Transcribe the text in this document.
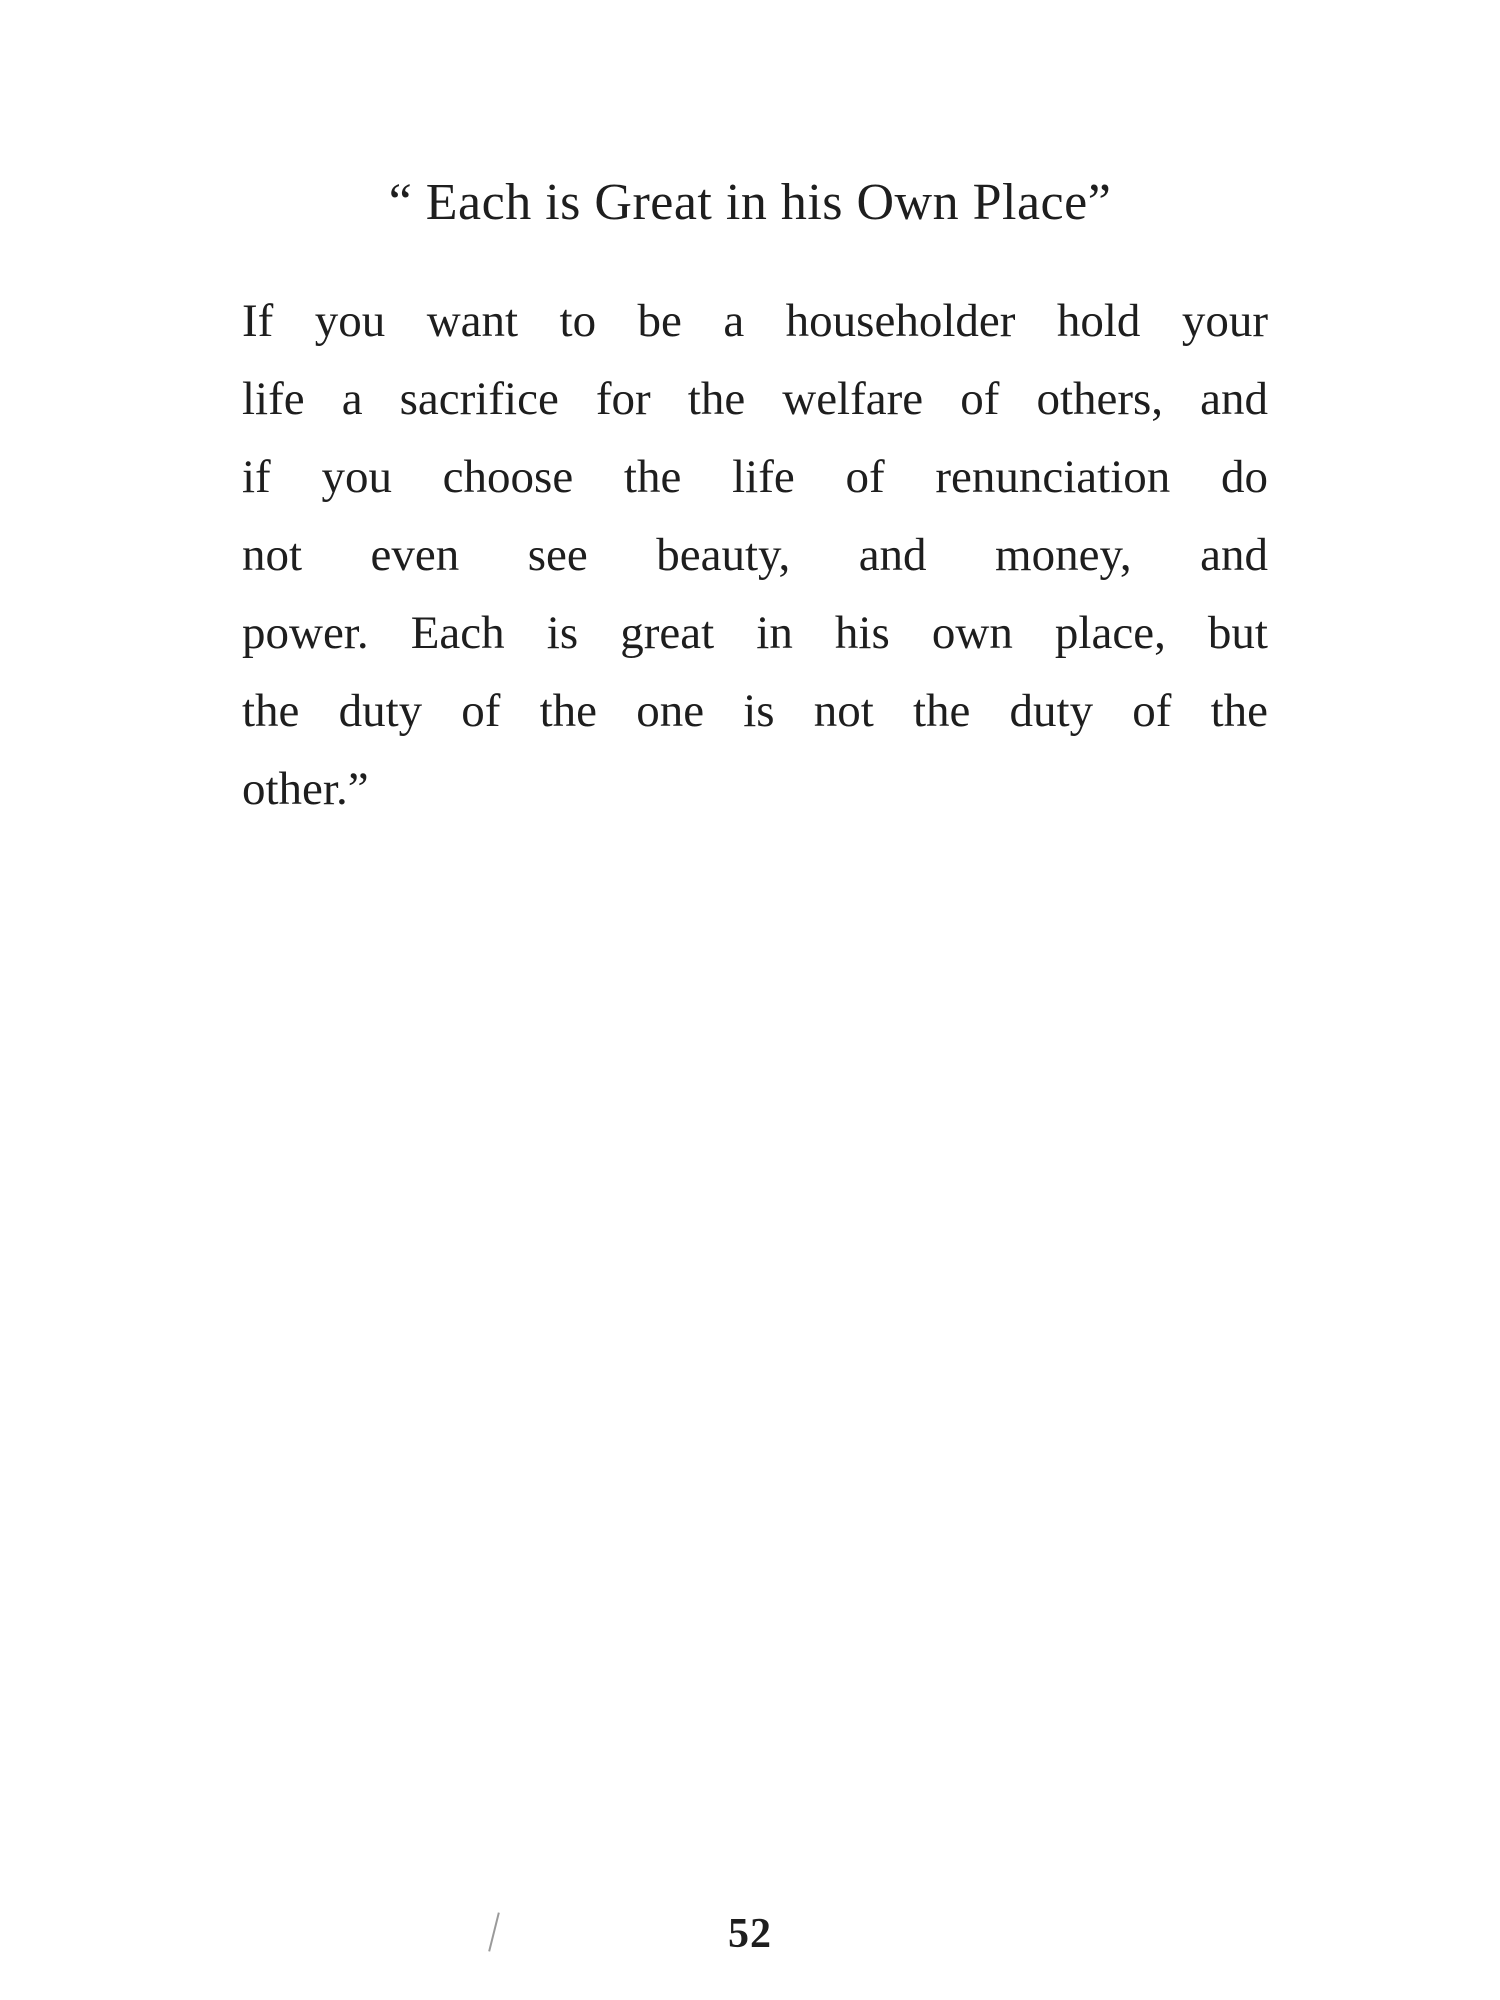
“ Each is Great in his Own Place”
If you want to be a householder hold your
life a sacrifice for the welfare of others, and
if you choose the life of renunciation do
not even see beauty, and money, and
power. Each is great in his own place, but
the duty of the one is not the duty of the
other.”
52
